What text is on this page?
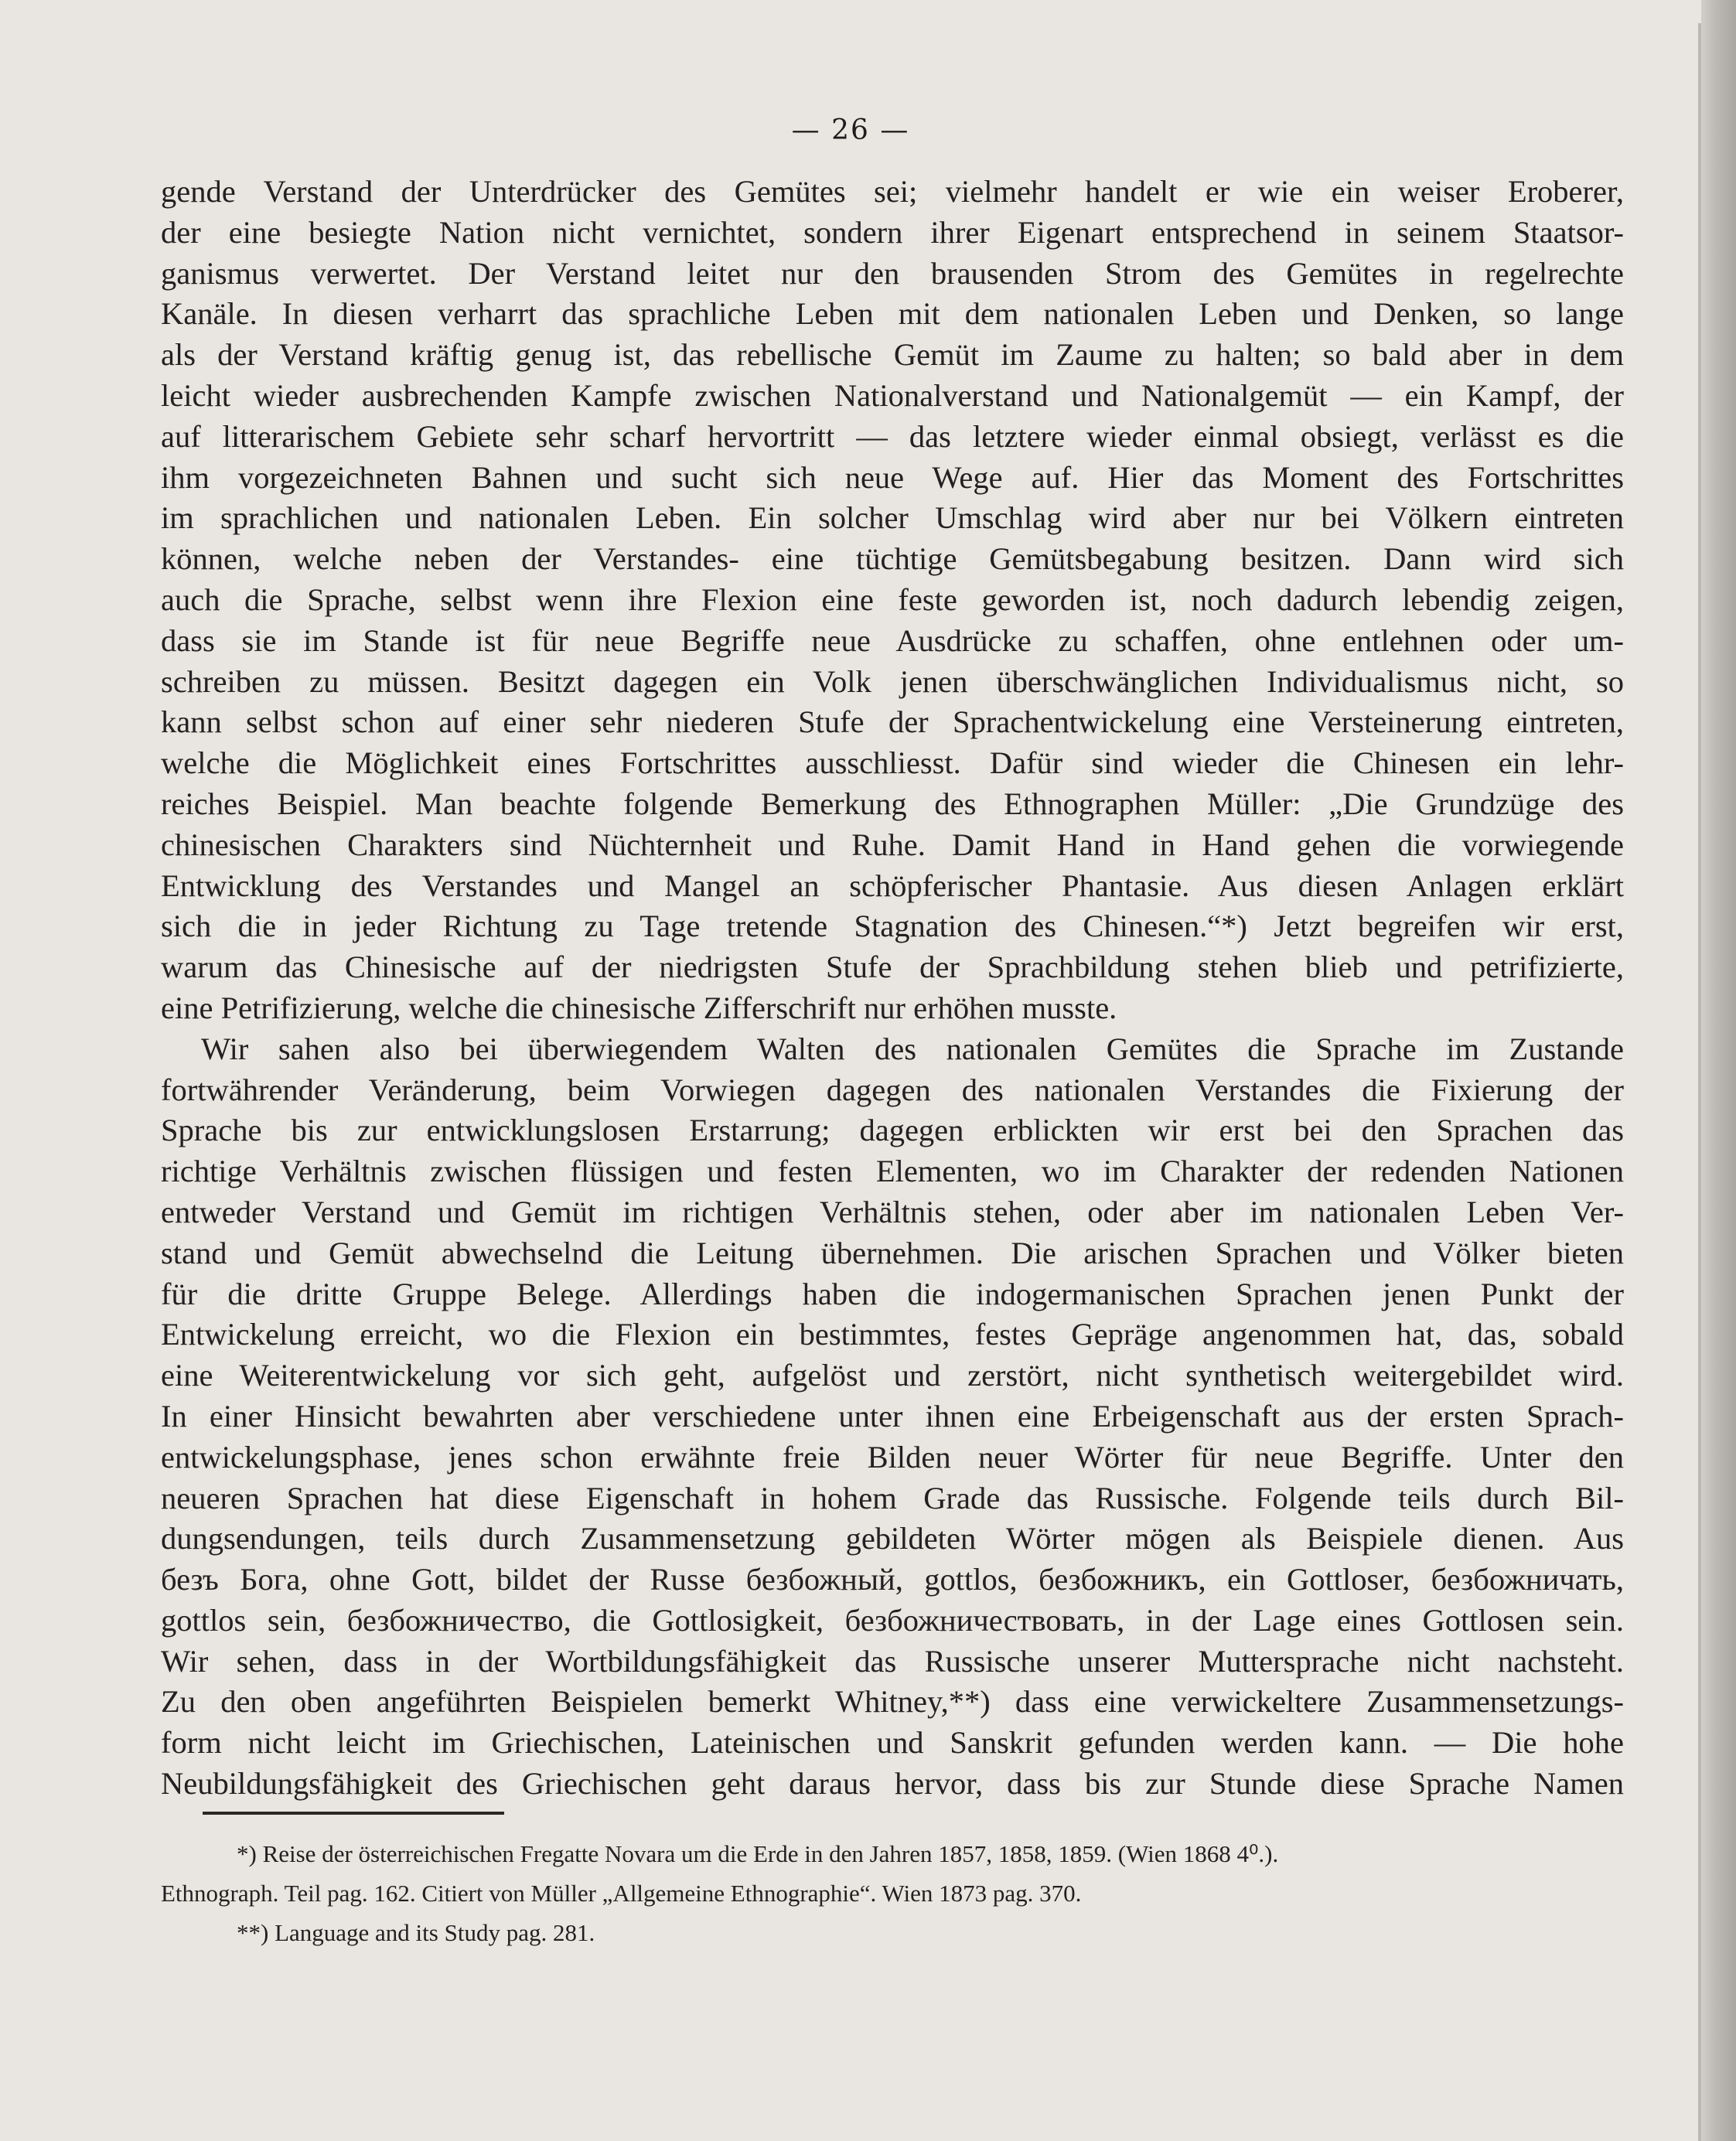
— 26 —
gende Verstand der Unterdrücker des Gemütes sei; vielmehr handelt er wie ein weiser Eroberer,
der eine besiegte Nation nicht vernichtet, sondern ihrer Eigenart entsprechend in seinem Staatsor-
ganismus verwertet. Der Verstand leitet nur den brausenden Strom des Gemütes in regelrechte
Kanäle. In diesen verharrt das sprachliche Leben mit dem nationalen Leben und Denken, so lange
als der Verstand kräftig genug ist, das rebellische Gemüt im Zaume zu halten; so bald aber in dem
leicht wieder ausbrechenden Kampfe zwischen Nationalverstand und Nationalgemüt — ein Kampf, der
auf litterarischem Gebiete sehr scharf hervortritt — das letztere wieder einmal obsiegt, verlässt es die
ihm vorgezeichneten Bahnen und sucht sich neue Wege auf. Hier das Moment des Fortschrittes
im sprachlichen und nationalen Leben. Ein solcher Umschlag wird aber nur bei Völkern eintreten
können, welche neben der Verstandes- eine tüchtige Gemütsbegabung besitzen. Dann wird sich
auch die Sprache, selbst wenn ihre Flexion eine feste geworden ist, noch dadurch lebendig zeigen,
dass sie im Stande ist für neue Begriffe neue Ausdrücke zu schaffen, ohne entlehnen oder um-
schreiben zu müssen. Besitzt dagegen ein Volk jenen überschwänglichen Individualismus nicht, so
kann selbst schon auf einer sehr niederen Stufe der Sprachentwickelung eine Versteinerung eintreten,
welche die Möglichkeit eines Fortschrittes ausschliesst. Dafür sind wieder die Chinesen ein lehr-
reiches Beispiel. Man beachte folgende Bemerkung des Ethnographen Müller: „Die Grundzüge des
chinesischen Charakters sind Nüchternheit und Ruhe. Damit Hand in Hand gehen die vorwiegende
Entwicklung des Verstandes und Mangel an schöpferischer Phantasie. Aus diesen Anlagen erklärt
sich die in jeder Richtung zu Tage tretende Stagnation des Chinesen.“*) Jetzt begreifen wir erst,
warum das Chinesische auf der niedrigsten Stufe der Sprachbildung stehen blieb und petrifizierte,
eine Petrifizierung, welche die chinesische Zifferschrift nur erhöhen musste.
Wir sahen also bei überwiegendem Walten des nationalen Gemütes die Sprache im Zustande
fortwährender Veränderung, beim Vorwiegen dagegen des nationalen Verstandes die Fixierung der
Sprache bis zur entwicklungslosen Erstarrung; dagegen erblickten wir erst bei den Sprachen das
richtige Verhältnis zwischen flüssigen und festen Elementen, wo im Charakter der redenden Nationen
entweder Verstand und Gemüt im richtigen Verhältnis stehen, oder aber im nationalen Leben Ver-
stand und Gemüt abwechselnd die Leitung übernehmen. Die arischen Sprachen und Völker bieten
für die dritte Gruppe Belege. Allerdings haben die indogermanischen Sprachen jenen Punkt der
Entwickelung erreicht, wo die Flexion ein bestimmtes, festes Gepräge angenommen hat, das, sobald
eine Weiterentwickelung vor sich geht, aufgelöst und zerstört, nicht synthetisch weitergebildet wird.
In einer Hinsicht bewahrten aber verschiedene unter ihnen eine Erbeigenschaft aus der ersten Sprach-
entwickelungsphase, jenes schon erwähnte freie Bilden neuer Wörter für neue Begriffe. Unter den
neueren Sprachen hat diese Eigenschaft in hohem Grade das Russische. Folgende teils durch Bil-
dungsendungen, teils durch Zusammensetzung gebildeten Wörter mögen als Beispiele dienen. Aus
безъ Бога, ohne Gott, bildet der Russe безбожный, gottlos, безбожникъ, ein Gottloser, безбожничать,
gottlos sein, безбожничество, die Gottlosigkeit, безбожничествовать, in der Lage eines Gottlosen sein.
Wir sehen, dass in der Wortbildungsfähigkeit das Russische unserer Muttersprache nicht nachsteht.
Zu den oben angeführten Beispielen bemerkt Whitney,**) dass eine verwickeltere Zusammensetzungs-
form nicht leicht im Griechischen, Lateinischen und Sanskrit gefunden werden kann. — Die hohe
Neubildungsfähigkeit des Griechischen geht daraus hervor, dass bis zur Stunde diese Sprache Namen
*) Reise der österreichischen Fregatte Novara um die Erde in den Jahren 1857, 1858, 1859. (Wien 1868 4⁰.).
Ethnograph. Teil pag. 162. Citiert von Müller „Allgemeine Ethnographie“. Wien 1873 pag. 370.
**) Language and its Study pag. 281.
